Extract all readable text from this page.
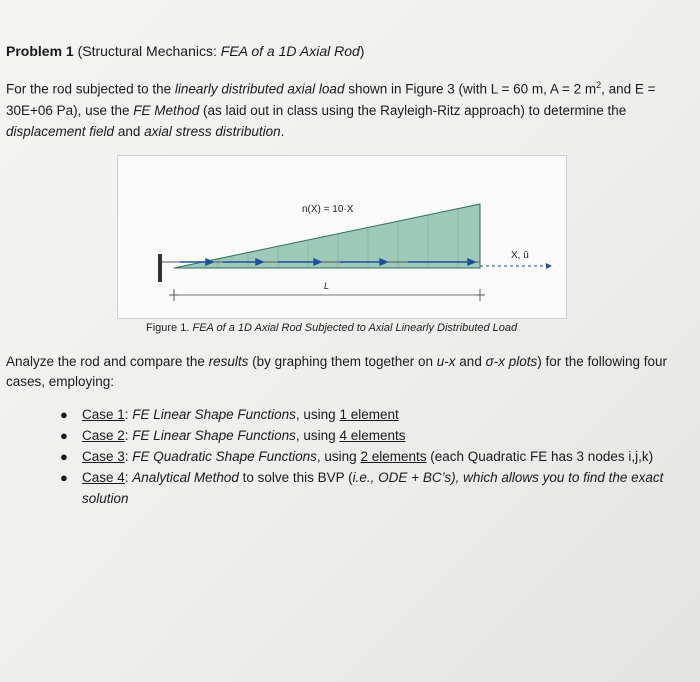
Problem 1 (Structural Mechanics: FEA of a 1D Axial Rod)
For the rod subjected to the linearly distributed axial load shown in Figure 3 (with L = 60 m, A = 2 $m^2$, and E = 30E+06 Pa), use the FE Method (as laid out in class using the Rayleigh-Ritz approach) to determine the displacement field and axial stress distribution.
n(X) = 10·X
X, ū
L
Figure 1. FEA of a 1D Axial Rod Subjected to Axial Linearly Distributed Load
Analyze the rod and compare the results (by graphing them together on u-x and σ-x plots) for the following four cases, employing:
● Case 1: FE Linear Shape Functions, using 1 element
● Case 2: FE Linear Shape Functions, using 4 elements
● Case 3: FE Quadratic Shape Functions, using 2 elements (each Quadratic FE has 3 nodes i,j,k)
● Case 4: Analytical Method to solve this BVP (i.e., ODE + BC’s), which allows you to find the exact solution
